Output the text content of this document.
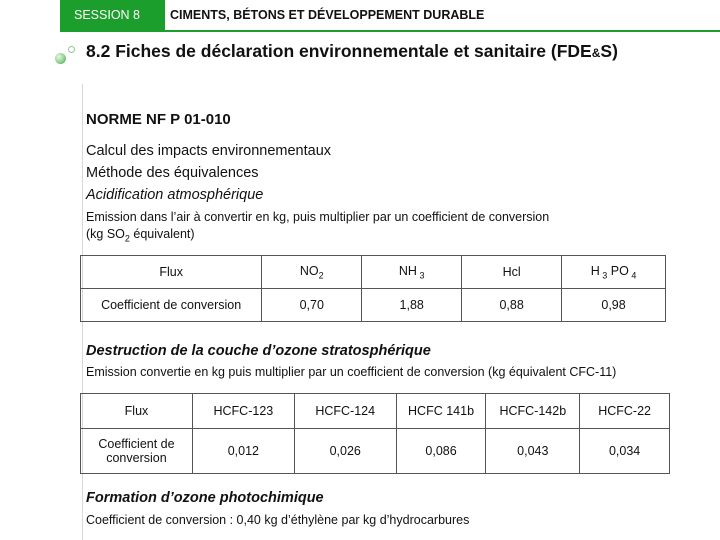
SESSION 8 CIMENTS, BÉTONS ET DÉVELOPPEMENT DURABLE
8.2 Fiches de déclaration environnementale et sanitaire (FDE&S)
NORME NF P 01-010
Calcul des impacts environnementaux
Méthode des équivalences
Acidification atmosphérique
Emission dans l’air à convertir en kg, puis multiplier par un coefficient de conversion
(kg $SO_2$ équivalent)
Flux	$NO_2$	NH $_3$	Hcl	H $_3$ PO $_4$
Coefficient de conversion	0,70	1,88	0,88	0,98
Destruction de la couche d’ozone stratosphérique
Emission convertie en kg puis multiplier par un coefficient de conversion (kg équivalent CFC-11)
Flux	HCFC-123	HCFC-124	HCFC 141b	HCFC-142b	HCFC-22
Coefficient de conversion	0,012	0,026	0,086	0,043	0,034
Formation d’ozone photochimique
Coefficient de conversion : 0,40 kg d’éthylène par kg d’hydrocarbures
